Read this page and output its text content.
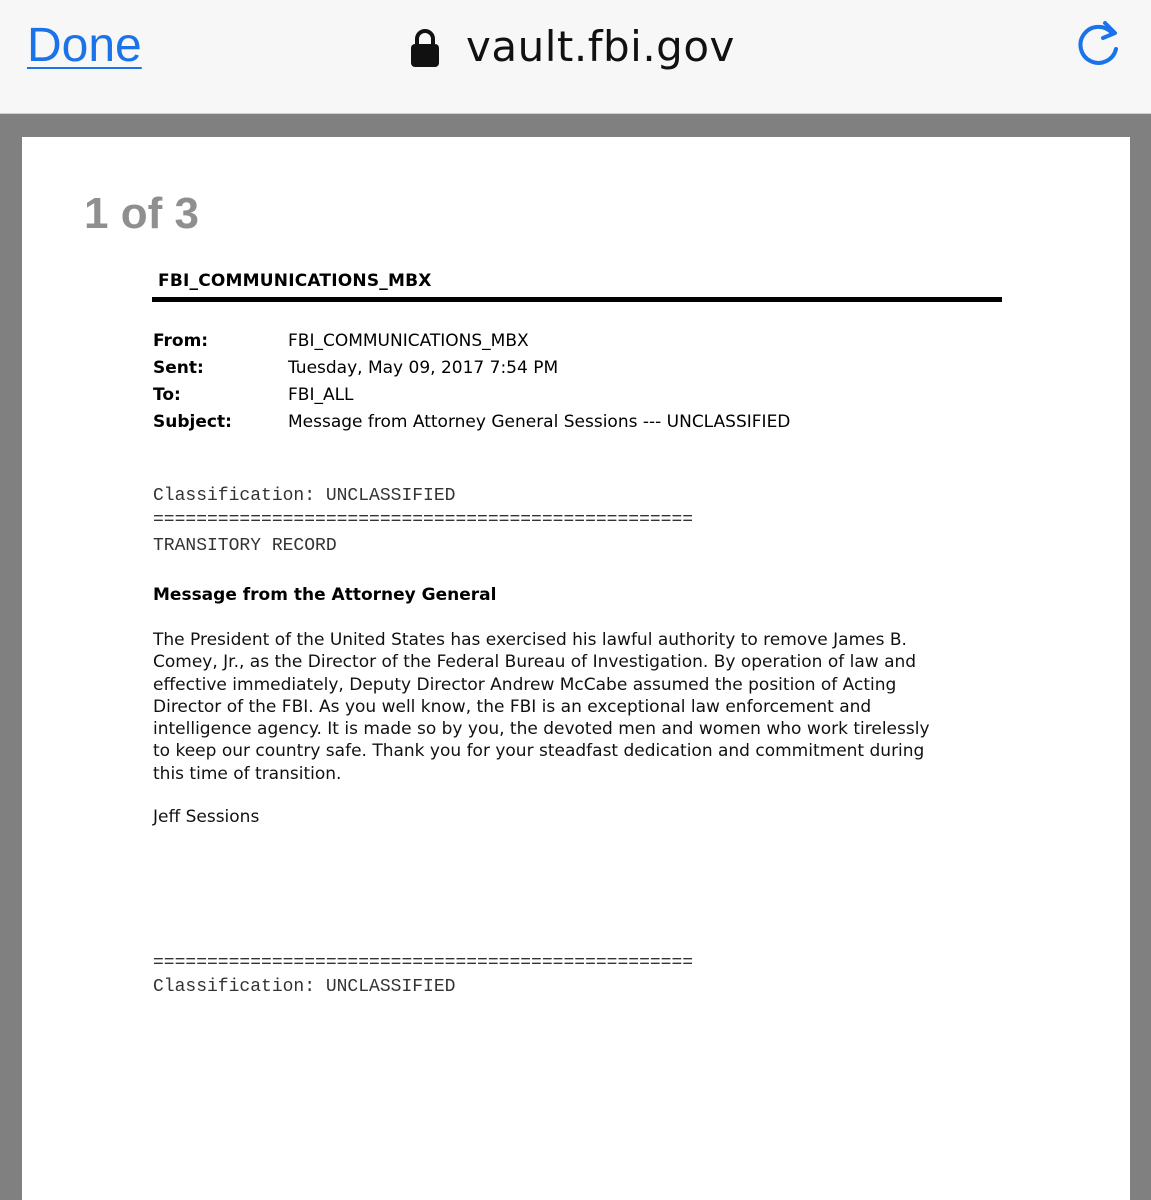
Done	vault.fbi.gov
1 of 3
FBI_COMMUNICATIONS_MBX
From:	FBI_COMMUNICATIONS_MBX
Sent:	Tuesday, May 09, 2017 7:54 PM
To:	FBI_ALL
Subject:	Message from Attorney General Sessions --- UNCLASSIFIED
Classification: UNCLASSIFIED
==================================================
TRANSITORY RECORD
Message from the Attorney General
The President of the United States has exercised his lawful authority to remove James B.
Comey, Jr., as the Director of the Federal Bureau of Investigation. By operation of law and
effective immediately, Deputy Director Andrew McCabe assumed the position of Acting
Director of the FBI. As you well know, the FBI is an exceptional law enforcement and
intelligence agency. It is made so by you, the devoted men and women who work tirelessly
to keep our country safe. Thank you for your steadfast dedication and commitment during
this time of transition.
Jeff Sessions
==================================================
Classification: UNCLASSIFIED
